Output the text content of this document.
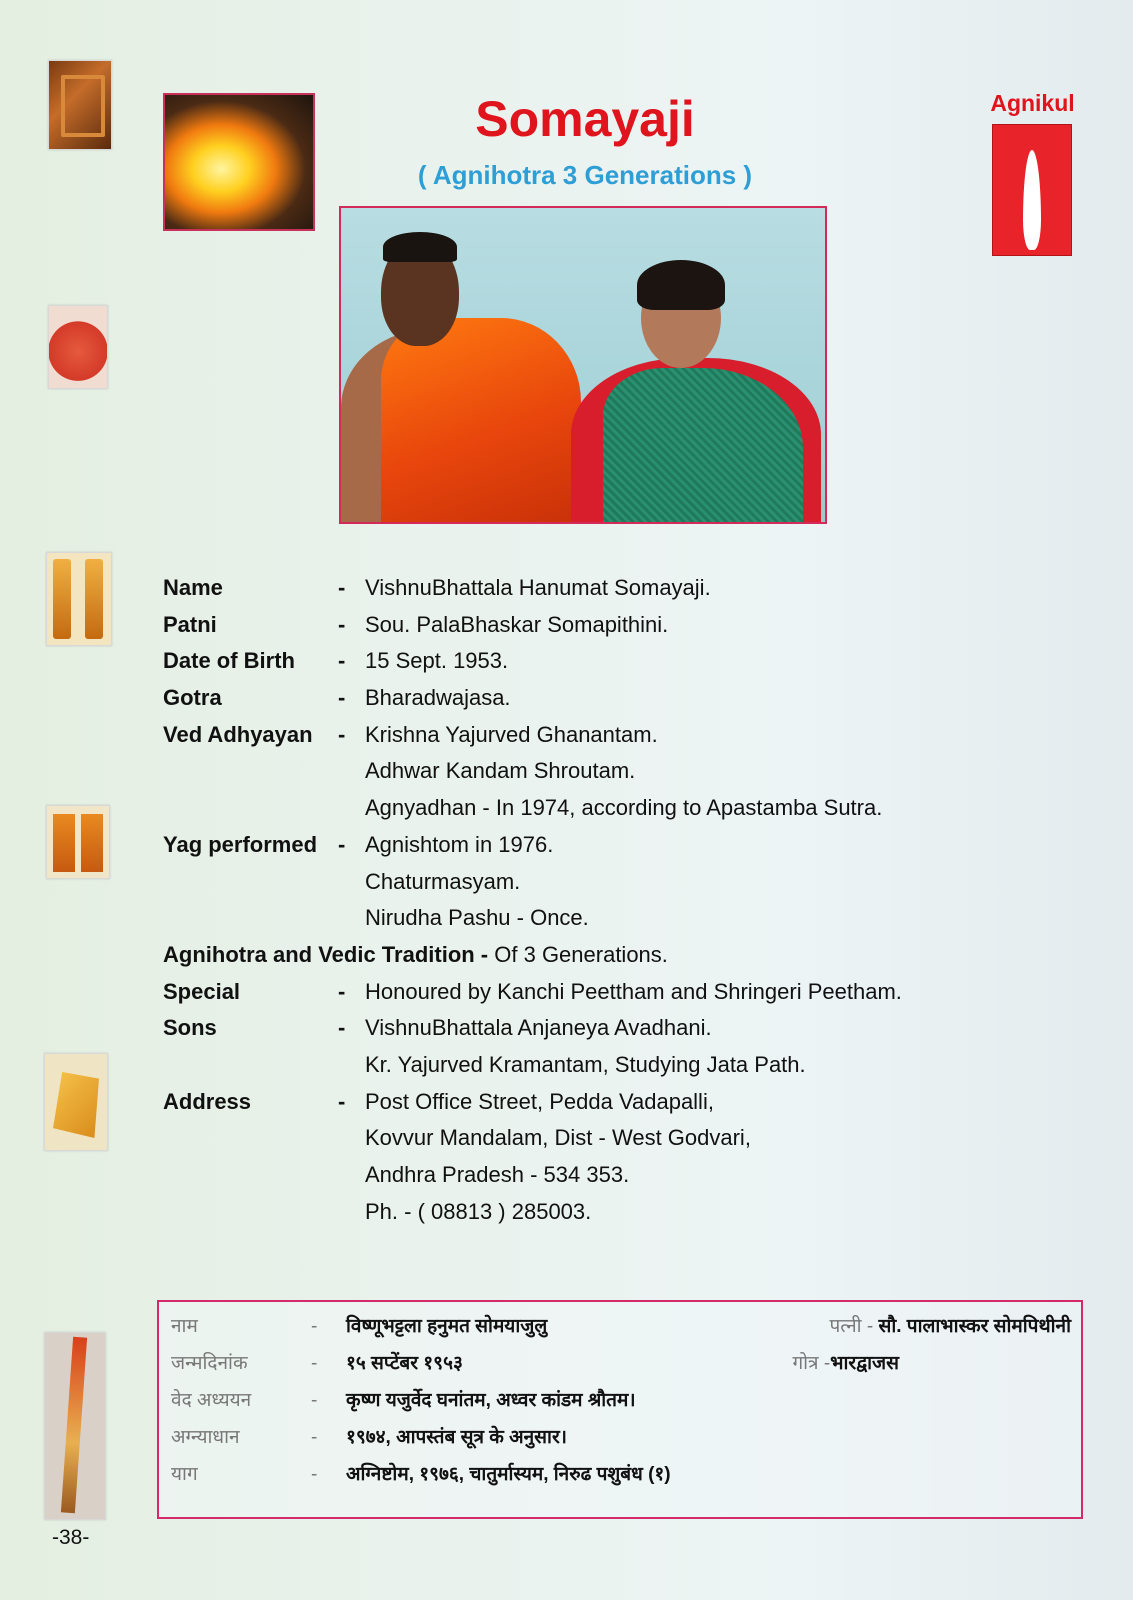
Somayaji
( Agnihotra 3 Generations )
Agnikul
Name	- VishnuBhattala Hanumat Somayaji.
Patni	- Sou. PalaBhaskar Somapithini.
Date of Birth - 15 Sept. 1953.
Gotra	- Bharadwajasa.
Ved Adhyayan - Krishna Yajurved Ghanantam.
Adhwar Kandam Shroutam.
Agnyadhan - In 1974, according to Apastamba Sutra.
Yag performed - Agnishtom in 1976.
Chaturmasyam.
Nirudha Pashu - Once.
Agnihotra and Vedic Tradition - Of 3 Generations.
Special	- Honoured by Kanchi Peettham and Shringeri Peetham.
Sons	- VishnuBhattala Anjaneya Avadhani.
Kr. Yajurved Kramantam, Studying Jata Path.
Address	- Post Office Street, Pedda Vadapalli,
Kovvur Mandalam, Dist - West Godvari,
Andhra Pradesh - 534 353.
Ph. - ( 08813 ) 285003.
नाम	- विष्णूभट्टला हनुमत सोमयाजुलु
जन्मदिनांक	- १५ सप्टेंबर १९५३
वेद अध्ययन	- कृष्ण यजुर्वेद घनांतम, अध्वर कांडम श्रौतम।
अग्न्याधान	- १९७४, आपस्तंब सूत्र के अनुसार।
याग	- अग्निष्टोम, १९७६, चातुर्मास्यम, निरुढ पशुबंध (१)
पत्नी - सौ. पालाभास्कर सोमपिथीनी
गोत्र -भारद्वाजस
-38-
